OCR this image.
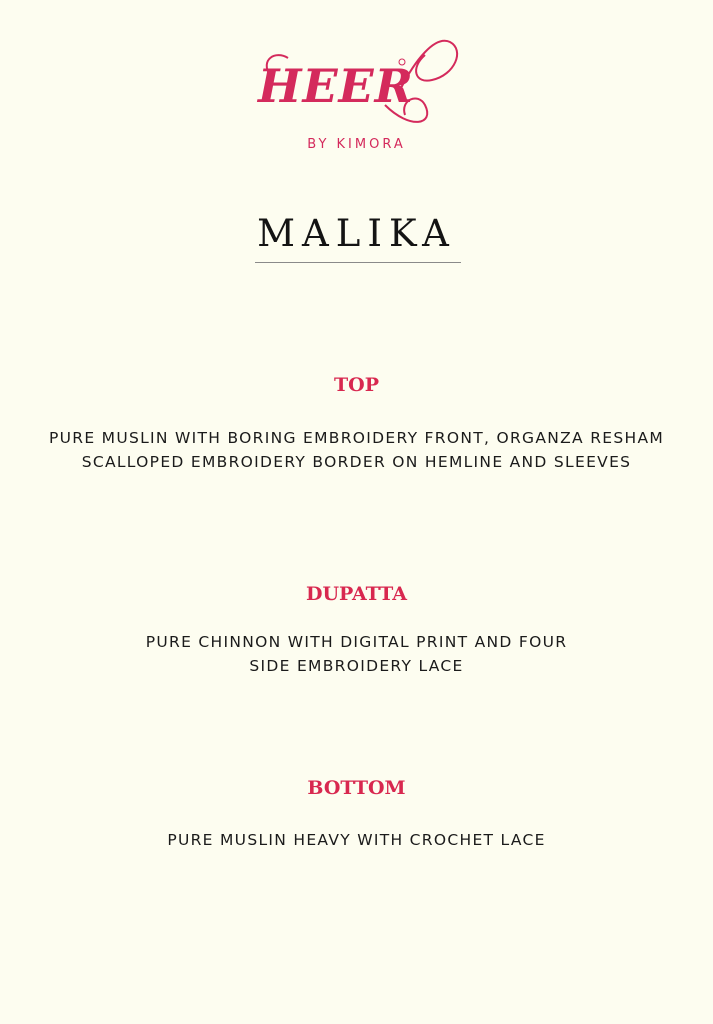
HEER
BY KIMORA
MALIKA
TOP
PURE MUSLIN WITH BORING EMBROIDERY FRONT, ORGANZA RESHAM
SCALLOPED EMBROIDERY BORDER ON HEMLINE AND SLEEVES
DUPATTA
PURE CHINNON WITH DIGITAL PRINT AND FOUR
SIDE EMBROIDERY LACE
BOTTOM
PURE MUSLIN HEAVY WITH CROCHET LACE
